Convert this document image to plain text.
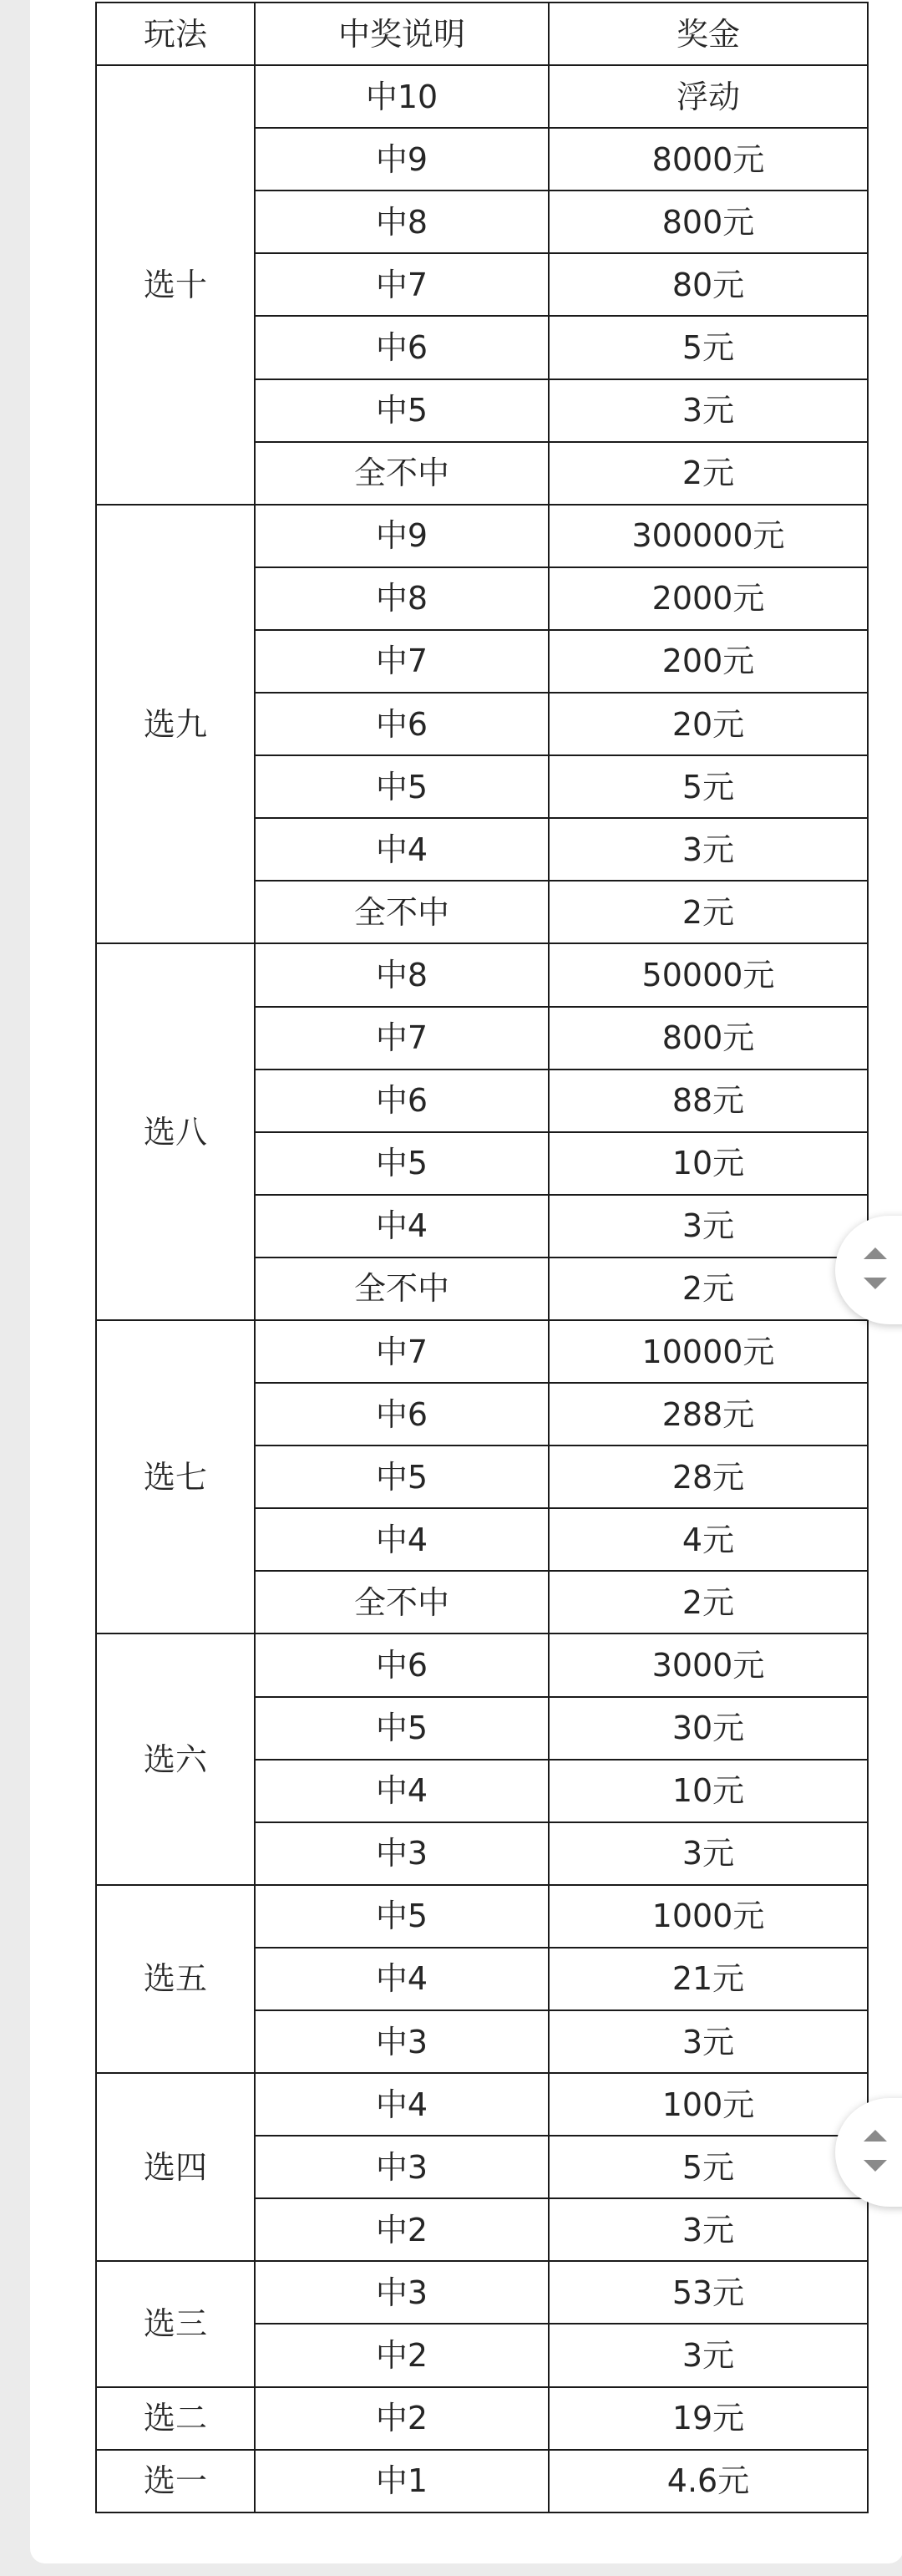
玩法	中奖说明	奖金
选十	中10	浮动
	中9	8000元
	中8	800元
	中7	80元
	中6	5元
	中5	3元
	全不中	2元
选九	中9	300000元
	中8	2000元
	中7	200元
	中6	20元
	中5	5元
	中4	3元
	全不中	2元
选八	中8	50000元
	中7	800元
	中6	88元
	中5	10元
	中4	3元
	全不中	2元
选七	中7	10000元
	中6	288元
	中5	28元
	中4	4元
	全不中	2元
选六	中6	3000元
	中5	30元
	中4	10元
	中3	3元
选五	中5	1000元
	中4	21元
	中3	3元
选四	中4	100元
	中3	5元
	中2	3元
选三	中3	53元
	中2	3元
选二	中2	19元
选一	中1	4.6元
